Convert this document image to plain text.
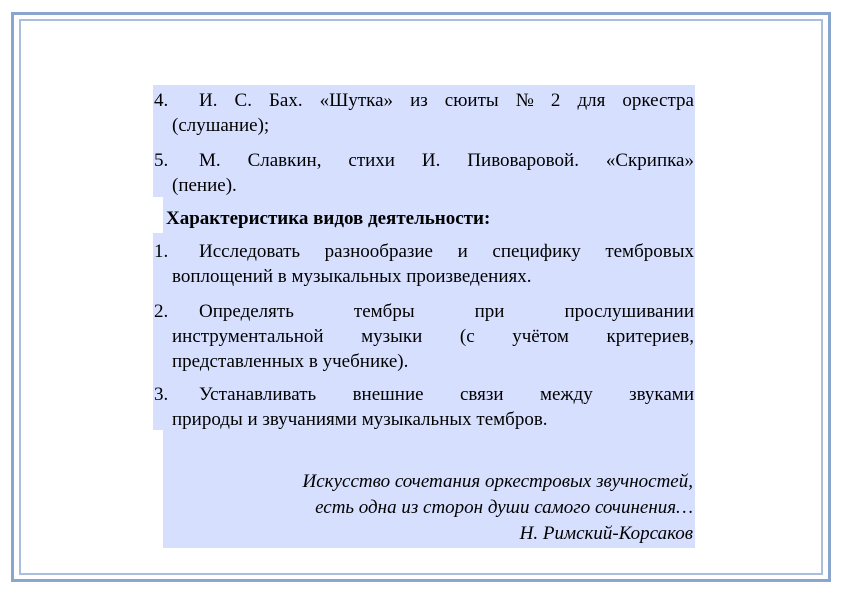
4. И. С. Бах. «Шутка» из сюиты № 2 для оркестра
(слушание);
5. М. Славкин, стихи И. Пивоваровой. «Скрипка»
(пение).
Характеристика видов деятельности:
1. Исследовать разнообразие и специфику тембровых
воплощений в музыкальных произведениях.
2. Определять тембры при прослушивании
инструментальной музыки (с учётом критериев,
представленных в учебнике).
3. Устанавливать внешние связи между звуками
природы и звучаниями музыкальных тембров.
Искусство сочетания оркестровых звучностей,
есть одна из сторон души самого сочинения…
Н. Римский-Корсаков
